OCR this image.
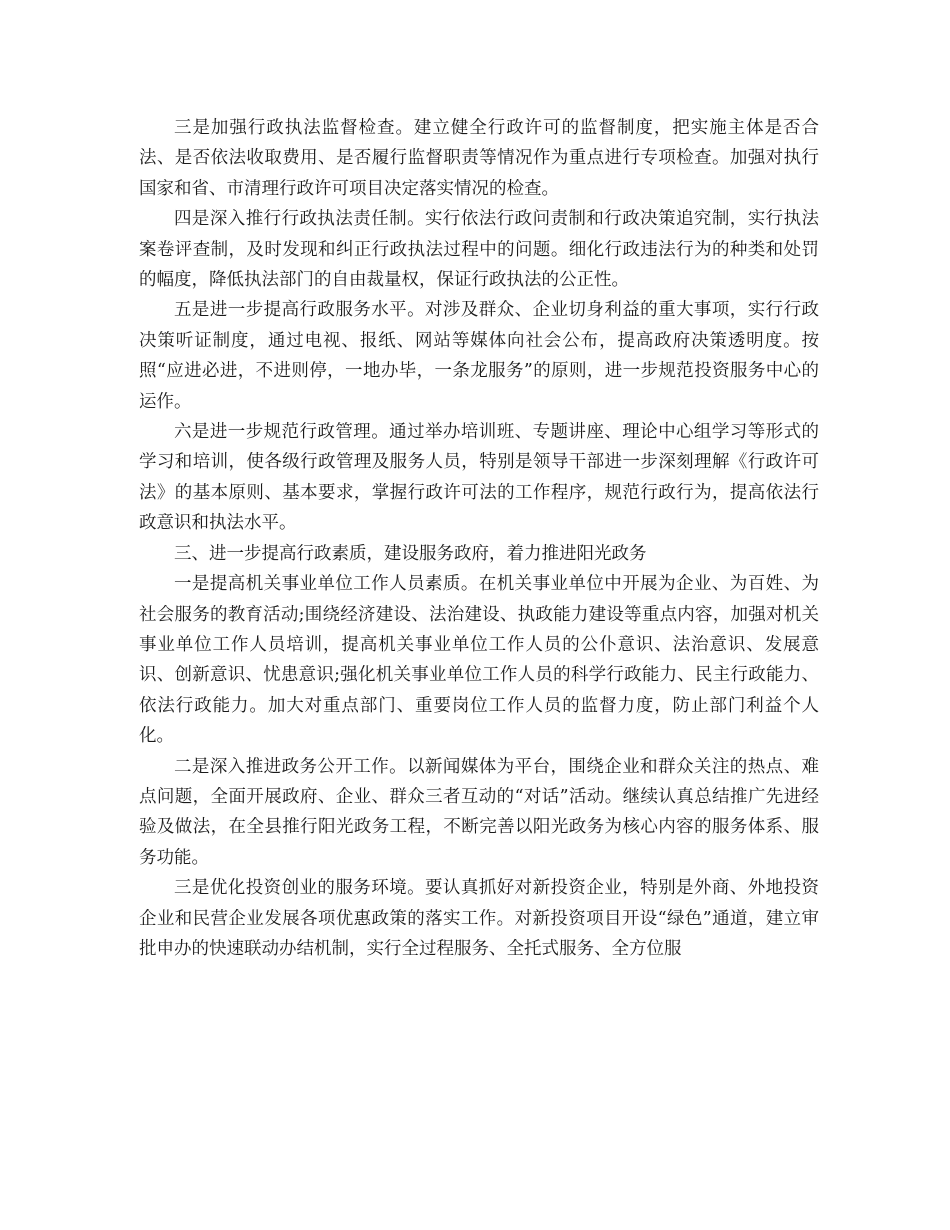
三是加强行政执法监督检查。建立健全行政许可的监督制度，把实施主体是否合法、是否依法收取费用、是否履行监督职责等情况作为重点进行专项检查。加强对执行国家和省、市清理行政许可项目决定落实情况的检查。

四是深入推行行政执法责任制。实行依法行政问责制和行政决策追究制，实行执法案卷评查制，及时发现和纠正行政执法过程中的问题。细化行政违法行为的种类和处罚的幅度，降低执法部门的自由裁量权，保证行政执法的公正性。

五是进一步提高行政服务水平。对涉及群众、企业切身利益的重大事项，实行行政决策听证制度，通过电视、报纸、网站等媒体向社会公布，提高政府决策透明度。按照“应进必进，不进则停，一地办毕，一条龙服务”的原则，进一步规范投资服务中心的运作。

六是进一步规范行政管理。通过举办培训班、专题讲座、理论中心组学习等形式的学习和培训，使各级行政管理及服务人员，特别是领导干部进一步深刻理解《行政许可法》的基本原则、基本要求，掌握行政许可法的工作程序，规范行政行为，提高依法行政意识和执法水平。

三、进一步提高行政素质，建设服务政府，着力推进阳光政务

一是提高机关事业单位工作人员素质。在机关事业单位中开展为企业、为百姓、为社会服务的教育活动;围绕经济建设、法治建设、执政能力建设等重点内容，加强对机关事业单位工作人员培训，提高机关事业单位工作人员的公仆意识、法治意识、发展意识、创新意识、忧患意识;强化机关事业单位工作人员的科学行政能力、民主行政能力、依法行政能力。加大对重点部门、重要岗位工作人员的监督力度，防止部门利益个人化。

二是深入推进政务公开工作。以新闻媒体为平台，围绕企业和群众关注的热点、难点问题，全面开展政府、企业、群众三者互动的“对话”活动。继续认真总结推广先进经验及做法，在全县推行阳光政务工程，不断完善以阳光政务为核心内容的服务体系、服务功能。

三是优化投资创业的服务环境。要认真抓好对新投资企业，特别是外商、外地投资企业和民营企业发展各项优惠政策的落实工作。对新投资项目开设“绿色”通道，建立审批申办的快速联动办结机制，实行全过程服务、全托式服务、全方位服
